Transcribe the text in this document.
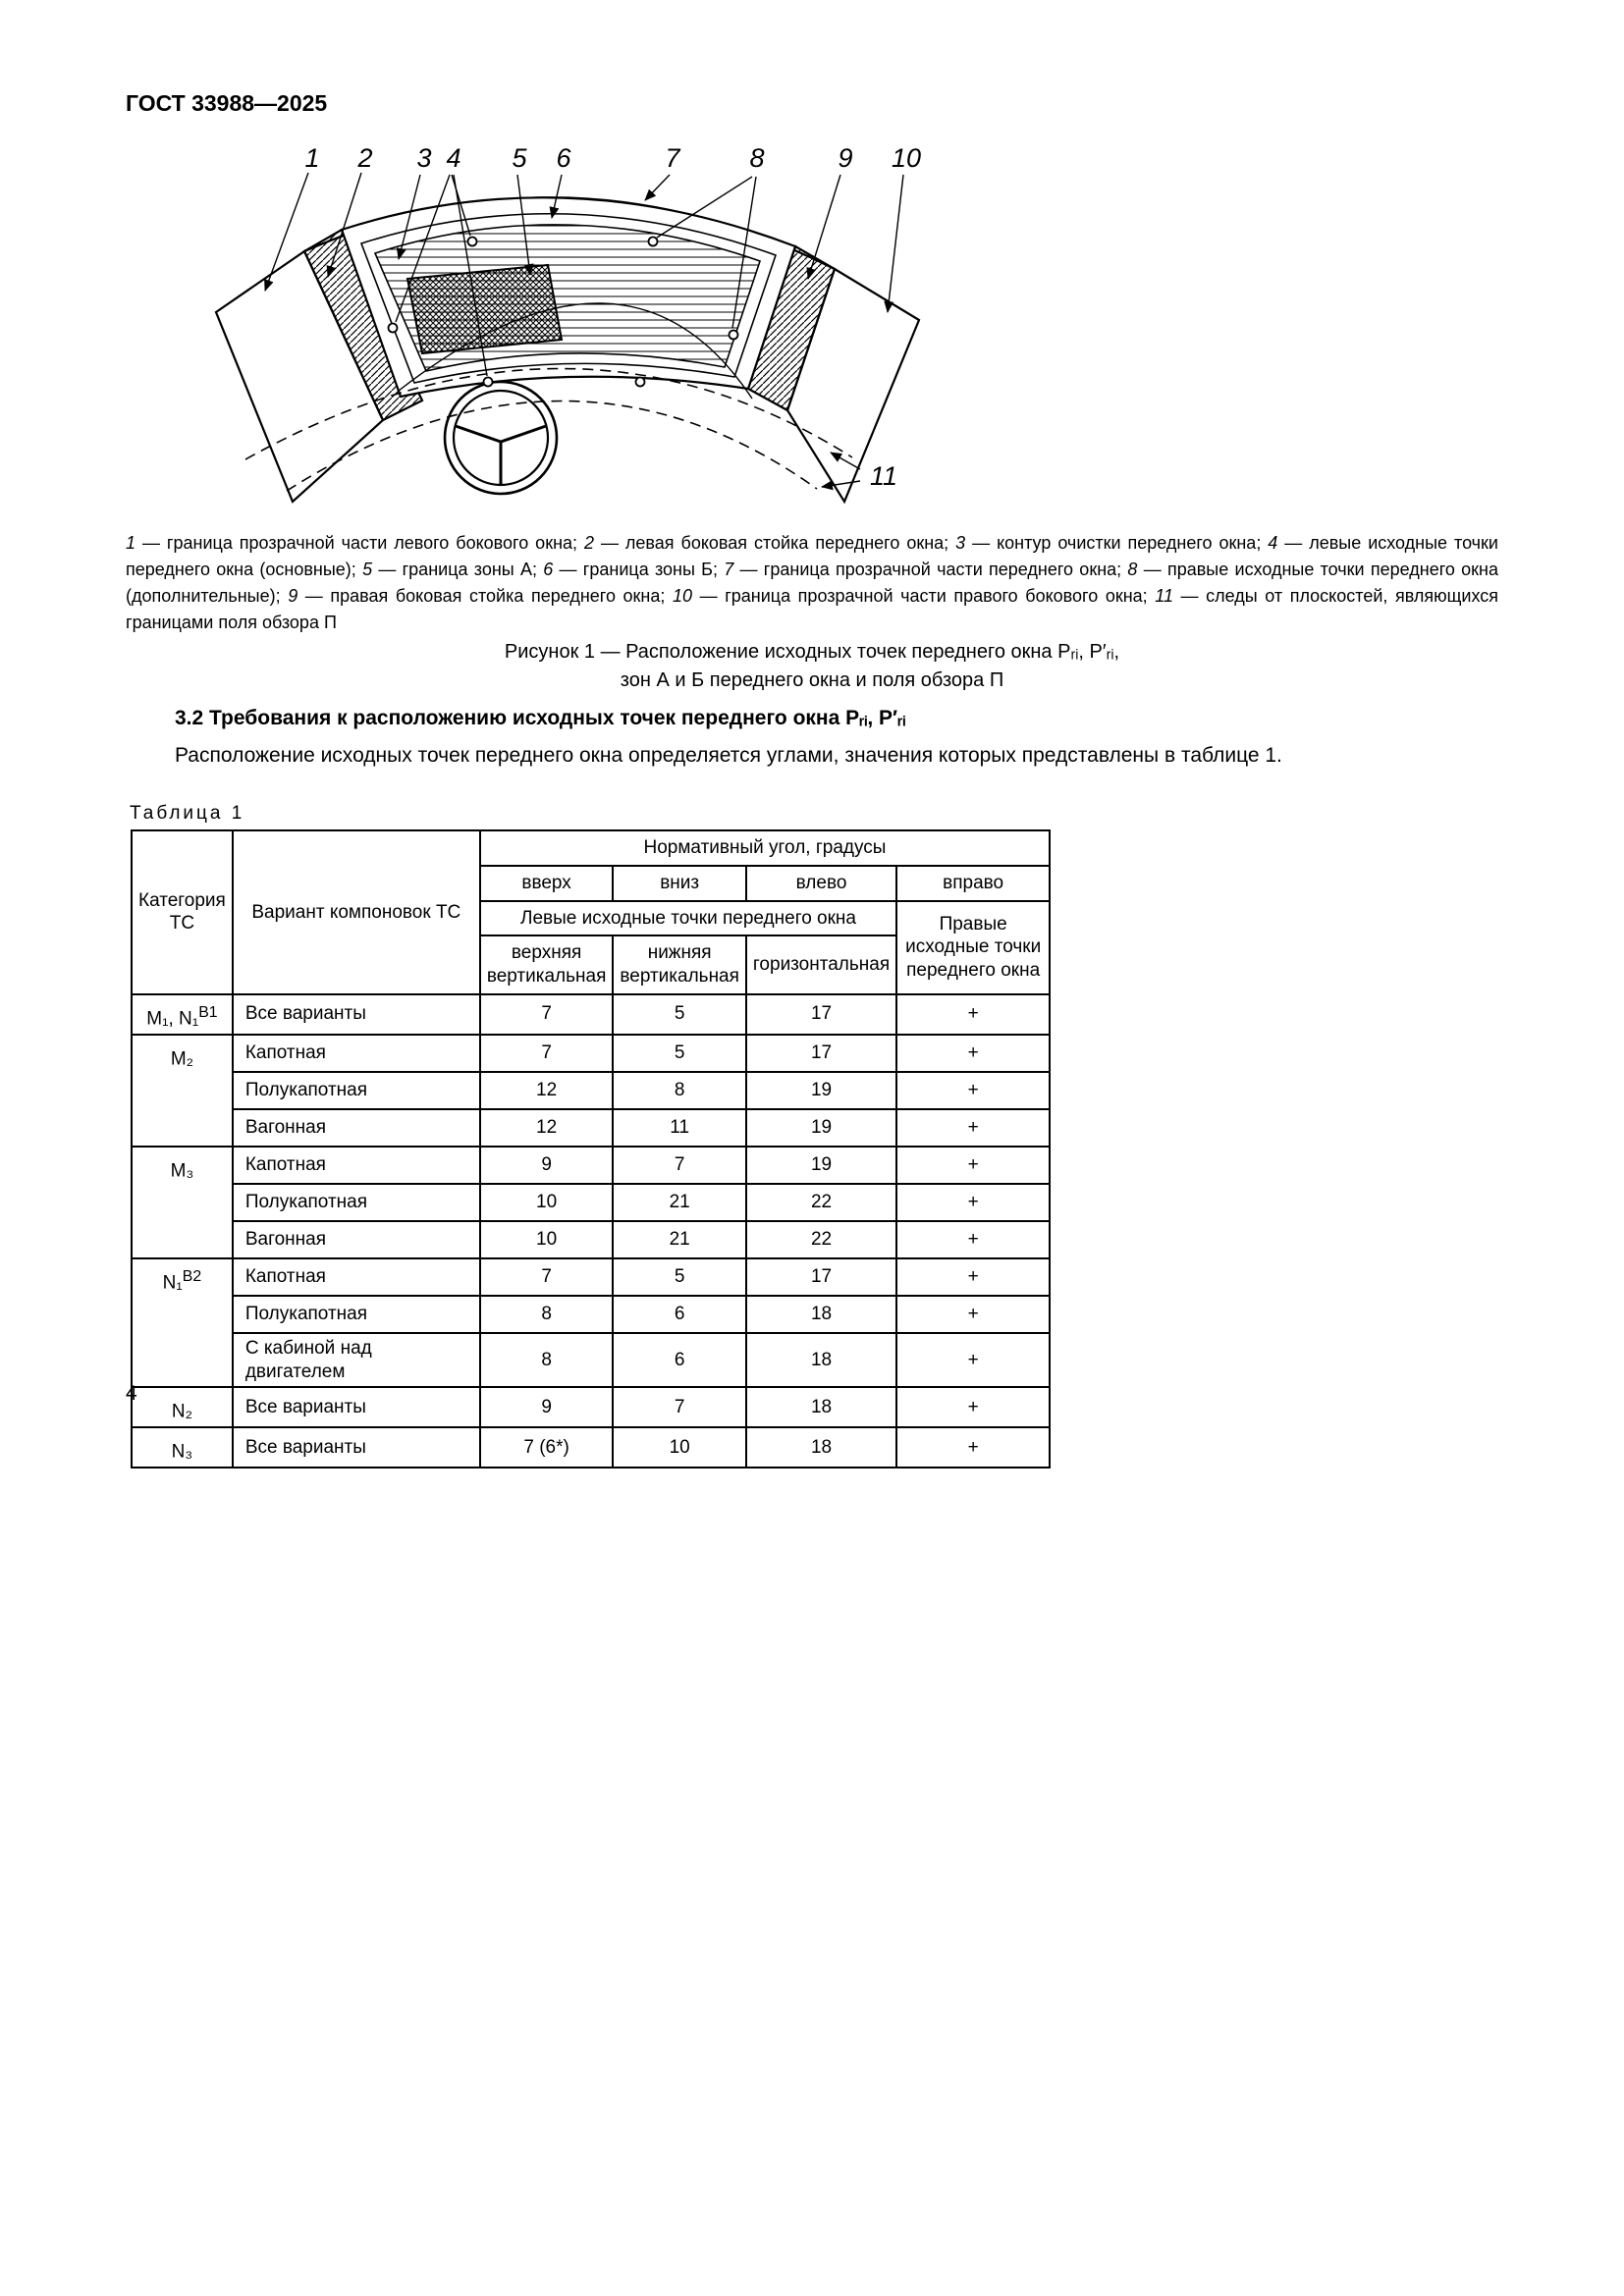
ГОСТ 33988—2025
1 2 3 4 5 6	7	8	9 10
11

1 — граница прозрачной части левого бокового окна; 2 — левая боковая стойка переднего окна; 3 — контур очистки переднего окна; 4 — левые исходные точки переднего окна (основные); 5 — граница зоны А; 6 — граница зоны Б; 7 — граница прозрачной части переднего окна; 8 — правые исходные точки переднего окна (дополнительные); 9 — правая боковая стойка переднего окна; 10 — граница прозрачной части правого бокового окна; 11 — следы от плоскостей, являющихся границами поля обзора П

Рисунок 1 — Расположение исходных точек переднего окна Pᵣᵢ, P′ᵣᵢ,
зон А и Б переднего окна и поля обзора П
3.2 Требования к расположению исходных точек переднего окна Pᵣᵢ, P′ᵣᵢ

Расположение исходных точек переднего окна определяется углами, значения которых представлены в таблице 1.

Таблица 1
Категория ТС	Вариант компоновок ТС	Нормативный угол, градусы			
		вверх	вниз	влево	вправо
		Левые исходные точки переднего окна			Правые исходные точки переднего окна
		верхняя вертикальная	нижняя вертикальная	горизонтальная	
М₁, N₁$^{В1}$	Все варианты	7	5	17	+
М₂	Капотная	7	5	17	+
	Полукапотная	12	8	19	+
	Вагонная	12	11	19	+
М₃	Капотная	9	7	19	+
	Полукапотная	10	21	22	+
	Вагонная	10	21	22	+
N₁$^{В2}$	Капотная	7	5	17	+
	Полукапотная	8	6	18	+
	С кабиной над двигателем	8	6	18	+
N₂	Все варианты	9	7	18	+
N₃	Все варианты	7 (6*)	10	18	+
4
